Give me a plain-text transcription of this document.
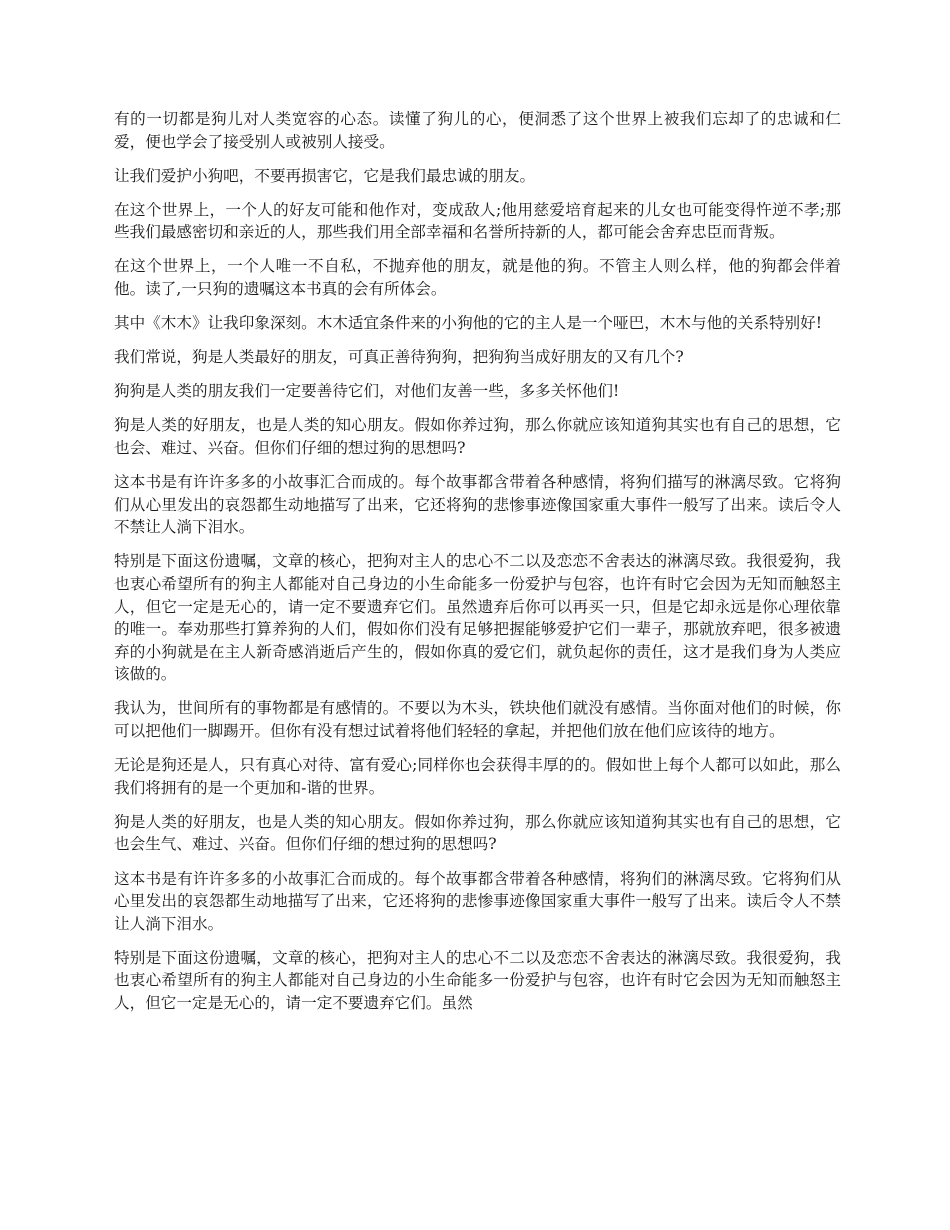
有的一切都是狗儿对人类宽容的心态。读懂了狗儿的心，便洞悉了这个世界上被我们忘却了的忠诚和仁爱，便也学会了接受别人或被别人接受。

让我们爱护小狗吧，不要再损害它，它是我们最忠诚的朋友。

在这个世界上，一个人的好友可能和他作对，变成敌人;他用慈爱培育起来的儿女也可能变得忤逆不孝;那些我们最感密切和亲近的人，那些我们用全部幸福和名誉所持新的人，都可能会舍弃忠臣而背叛。

在这个世界上，一个人唯一不自私，不抛弃他的朋友，就是他的狗。不管主人则么样，他的狗都会伴着他。读了,一只狗的遗嘱这本书真的会有所体会。

其中《木木》让我印象深刻。木木适宜条件来的小狗他的它的主人是一个哑巴，木木与他的关系特别好!

我们常说，狗是人类最好的朋友，可真正善待狗狗，把狗狗当成好朋友的又有几个?

狗狗是人类的朋友我们一定要善待它们，对他们友善一些，多多关怀他们!

狗是人类的好朋友，也是人类的知心朋友。假如你养过狗，那么你就应该知道狗其实也有自己的思想，它也会、难过、兴奋。但你们仔细的想过狗的思想吗?

这本书是有许许多多的小故事汇合而成的。每个故事都含带着各种感情，将狗们描写的淋漓尽致。它将狗们从心里发出的哀怨都生动地描写了出来，它还将狗的悲惨事迹像国家重大事件一般写了出来。读后令人不禁让人淌下泪水。

特别是下面这份遗嘱，文章的核心，把狗对主人的忠心不二以及恋恋不舍表达的淋漓尽致。我很爱狗，我也衷心希望所有的狗主人都能对自己身边的小生命能多一份爱护与包容，也许有时它会因为无知而触怒主人，但它一定是无心的，请一定不要遗弃它们。虽然遗弃后你可以再买一只，但是它却永远是你心理依靠的唯一。奉劝那些打算养狗的人们，假如你们没有足够把握能够爱护它们一辈子，那就放弃吧，很多被遗弃的小狗就是在主人新奇感消逝后产生的，假如你真的爱它们，就负起你的责任，这才是我们身为人类应该做的。

我认为，世间所有的事物都是有感情的。不要以为木头，铁块他们就没有感情。当你面对他们的时候，你可以把他们一脚踢开。但你有没有想过试着将他们轻轻的拿起，并把他们放在他们应该待的地方。

无论是狗还是人，只有真心对待、富有爱心;同样你也会获得丰厚的的。假如世上每个人都可以如此，那么我们将拥有的是一个更加和-谐的世界。

狗是人类的好朋友，也是人类的知心朋友。假如你养过狗，那么你就应该知道狗其实也有自己的思想，它也会生气、难过、兴奋。但你们仔细的想过狗的思想吗?

这本书是有许许多多的小故事汇合而成的。每个故事都含带着各种感情，将狗们的淋漓尽致。它将狗们从心里发出的哀怨都生动地描写了出来，它还将狗的悲惨事迹像国家重大事件一般写了出来。读后令人不禁让人淌下泪水。

特别是下面这份遗嘱，文章的核心，把狗对主人的忠心不二以及恋恋不舍表达的淋漓尽致。我很爱狗，我也衷心希望所有的狗主人都能对自己身边的小生命能多一份爱护与包容，也许有时它会因为无知而触怒主人，但它一定是无心的，请一定不要遗弃它们。虽然
